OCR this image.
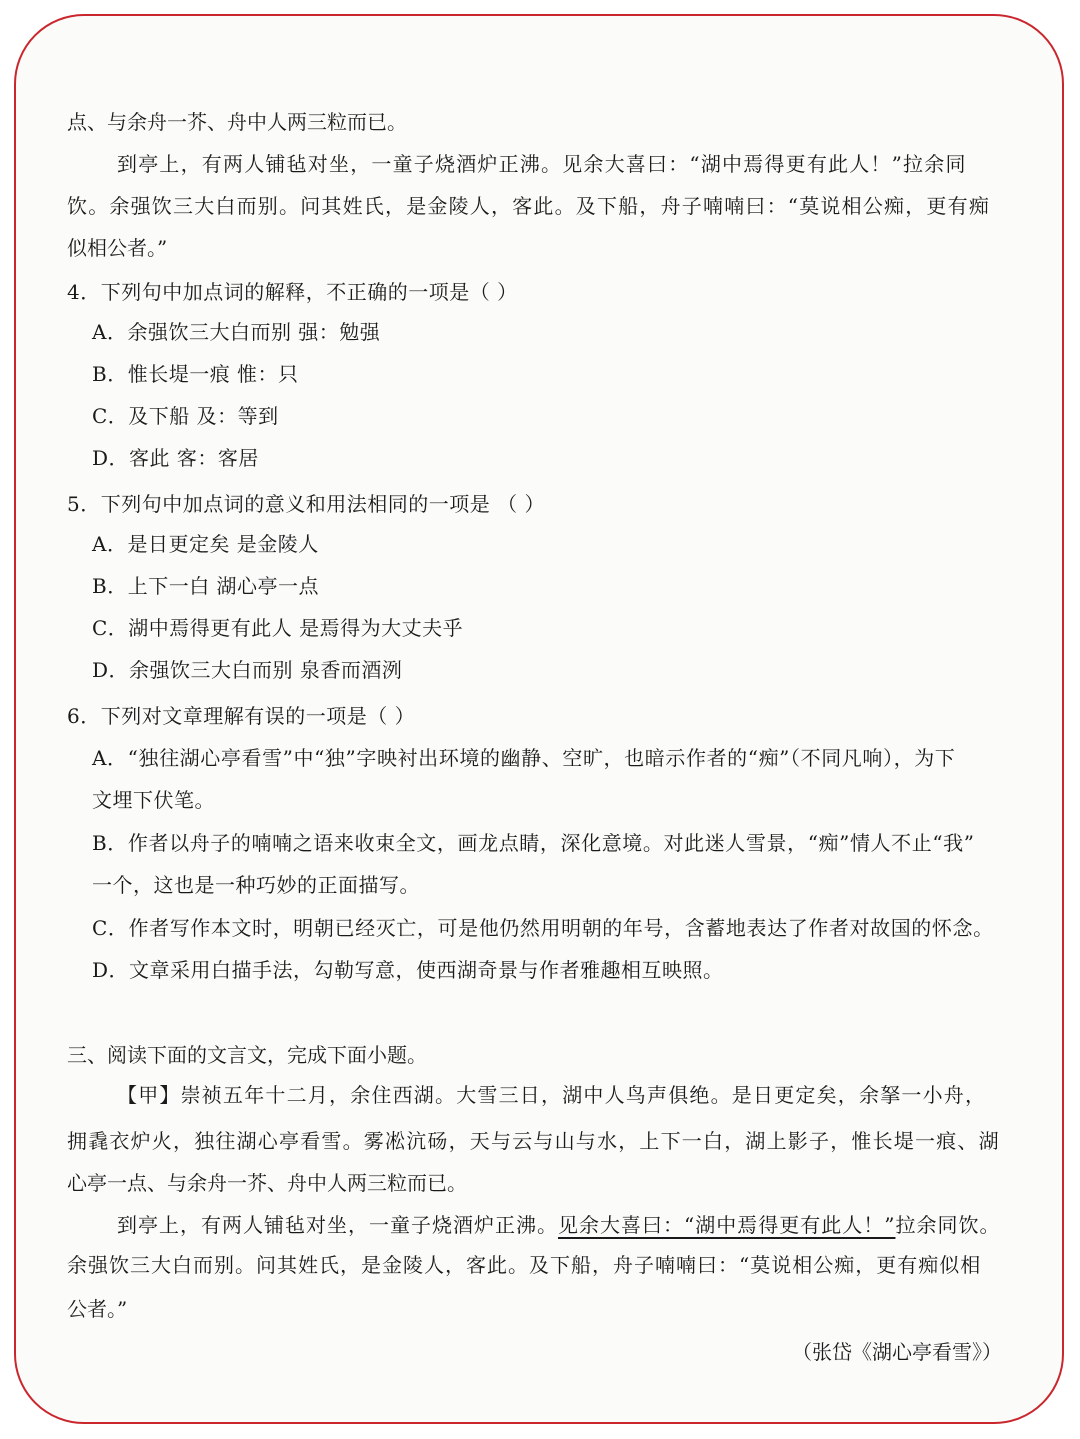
点、与余舟一芥、舟中人两三粒而已。
到亭上，有两人铺毡对坐，一童子烧酒炉正沸。见余大喜曰：“湖中焉得更有此人！”拉余同
饮。余强饮三大白而别。问其姓氏，是金陵人，客此。及下船，舟子喃喃曰：“莫说相公痴，更有痴
似相公者。”
4．下列句中加点词的解释，不正确的一项是（ ）
A．余强饮三大白而别 强：勉强
B．惟长堤一痕 惟：只
C．及下船 及：等到
D．客此 客：客居
5．下列句中加点词的意义和用法相同的一项是 （ ）
A．是日更定矣 是金陵人
B．上下一白 湖心亭一点
C．湖中焉得更有此人 是焉得为大丈夫乎
D．余强饮三大白而别 泉香而酒洌
6．下列对文章理解有误的一项是（ ）
A．“独往湖心亭看雪”中“独”字映衬出环境的幽静、空旷，也暗示作者的“痴”（不同凡响），为下
文埋下伏笔。
B．作者以舟子的喃喃之语来收束全文，画龙点睛，深化意境。对此迷人雪景，“痴”情人不止“我”
一个，这也是一种巧妙的正面描写。
C．作者写作本文时，明朝已经灭亡，可是他仍然用明朝的年号，含蓄地表达了作者对故国的怀念。
D．文章采用白描手法，勾勒写意，使西湖奇景与作者雅趣相互映照。
三、阅读下面的文言文，完成下面小题。
【甲】崇祯五年十二月，余住西湖。大雪三日，湖中人鸟声俱绝。是日更定矣，余拏一小舟，
拥毳衣炉火，独往湖心亭看雪。雾凇沆砀，天与云与山与水，上下一白，湖上影子，惟长堤一痕、湖
心亭一点、与余舟一芥、舟中人两三粒而已。
到亭上，有两人铺毡对坐，一童子烧酒炉正沸。见余大喜曰：“湖中焉得更有此人！”拉余同饮。
余强饮三大白而别。问其姓氏，是金陵人，客此。及下船，舟子喃喃曰：“莫说相公痴，更有痴似相
公者。”
（张岱《湖心亭看雪》）
